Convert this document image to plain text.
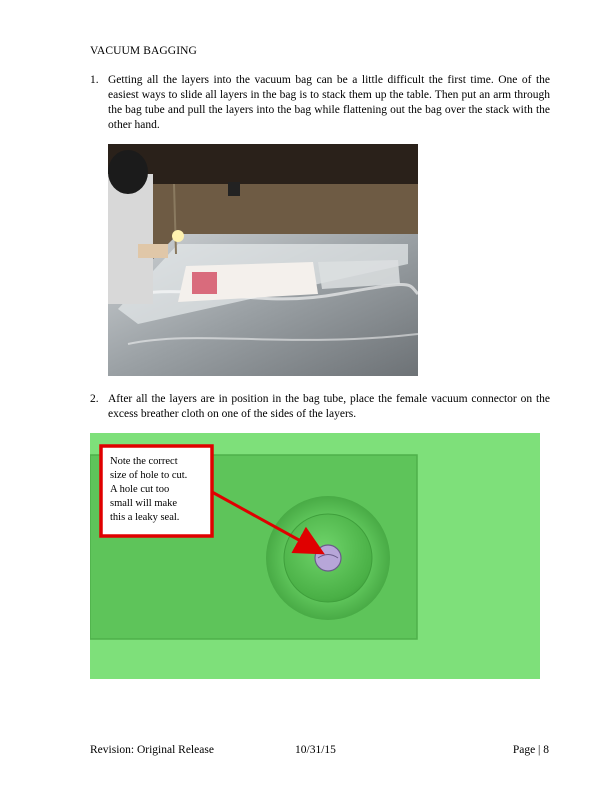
VACUUM BAGGING
1. Getting all the layers into the vacuum bag can be a little difficult the first time. One of the easiest ways to slide all layers in the bag is to stack them up the table. Then put an arm through the bag tube and pull the layers into the bag while flattening out the bag over the stack with the other hand.
2. After all the layers are in position in the bag tube, place the female vacuum connector on the excess breather cloth on one of the sides of the layers.
Note the correct
size of hole to cut.
A hole cut too
small will make
this a leaky seal.
Revision: Original Release	10/31/15	Page | 8
